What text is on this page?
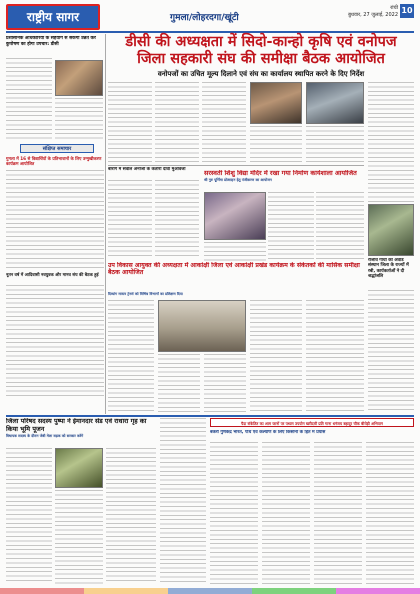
राष्ट्रीय सागर	गुमला/लोहरदगा/खूंटी
रांची
बुधवार, 27 जुलाई, 2022 10
डीसी की अध्यक्षता में सिदो-कान्हो कृषि एवं वनोपज
जिला सहकारी संघ की समीक्षा बैठक आयोजित
वनोपजों का उचित मूल्य दिलाने एवं संघ का कार्यालय स्थापित करने के दिए निर्देश
प्रशासनिक अधिकारियों के सहयोग से सकेंगी उन्नत कर कुपोषण का होगा उपचार: डीसी
संक्षिप्त समाचार
गुमला में 16 से विद्यार्थियों के प्रतिभावानों के लिए उन्मुखीकरण कार्यक्रम आयोजित
नूतन वर्ष में आदिवासी नवयुवक और मानव संघ की बैठक हुई
बारांगे में सवाल अनाजों के कतारों दावा मुआवजा	सरस्वती शिशु विद्या मंदिर में रखा गया निर्माण कार्यशाला आयोजित
श्री गुरु पूर्णिमा प्रोत्साहन हेतु पंजीकरण का आयोजन
उप विकास आयुक्त की अध्यक्षता में आकांक्षी जिला एवं आकांक्षी प्रखंड कार्यक्रम के संकेतकों की मासिक समीक्षा बैठक आयोजित
दिव्यांग मास्टर ट्रेनर्स को विभिन्न विभागों का प्रशिक्षण दिया
राजीव गांधी की अवार्ड संस्थान जिला के राज्यों में रबी, कार्यकर्ताओं ने दी श्रद्धांजलि
जिला परिषद सदस्य पुष्पा ने ईमानदार सेड एवं राधारा गृह का किया भूमि पूजन
विधायक सदस्य के दौरान जेबी मेला सड़क को सरकार करेंगे
पैदा संकेतित का आम जानों पर पथ्यम उपयोग खरीदारी प्रति गाना धनंजय बहादूर चौक बीरोड़ी अभियान
बकरी गुणकेंद्र भारत, पौधे एवं कल्याण के लिए किसानों के हित में प्रयास
